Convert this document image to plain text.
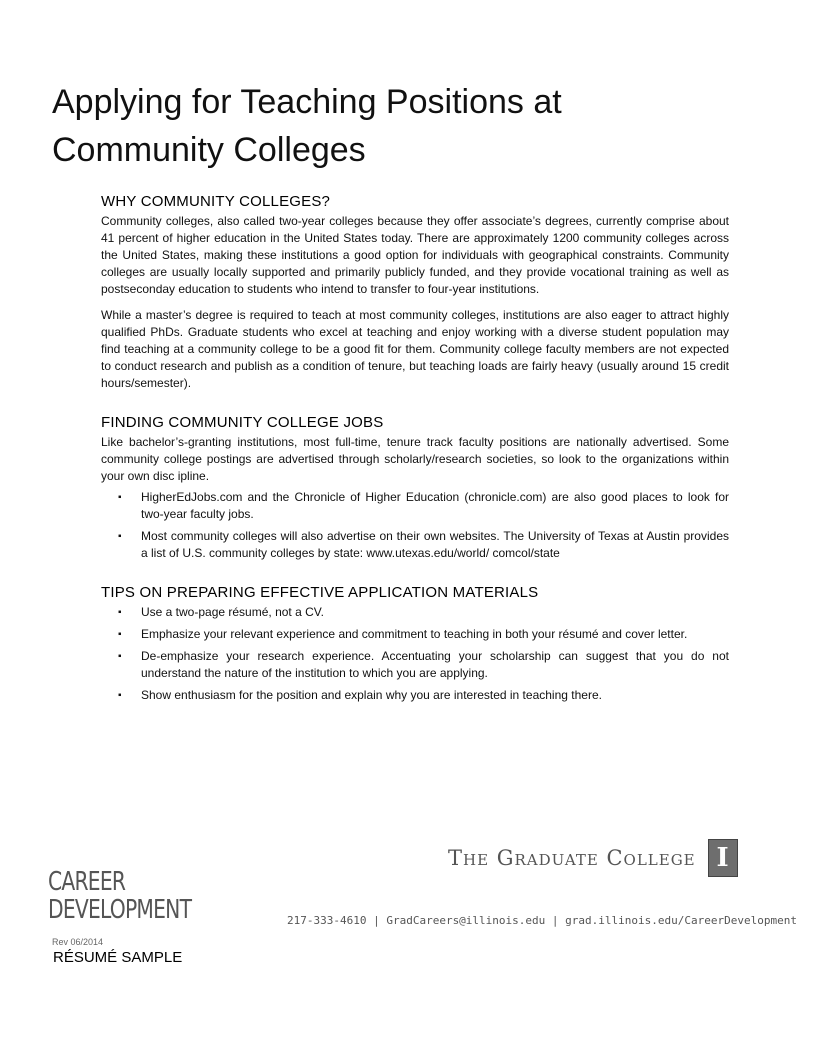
Applying for Teaching Positions at
Community Colleges
WHY COMMUNITY COLLEGES?

Community colleges, also called two-year colleges because they offer associate’s degrees, currently comprise about 41 percent of higher education in the United States today. There are approximately 1200 community colleges across the United States, making these institutions a good option for individuals with geographical constraints. Community colleges are usually locally supported and primarily publicly funded, and they provide vocational training as well as postseconday education to students who intend to transfer to four-year institutions.

While a master’s degree is required to teach at most community colleges, institutions are also eager to attract highly qualified PhDs. Graduate students who excel at teaching and enjoy working with a diverse student population may find teaching at a community college to be a good fit for them. Community college faculty members are not expected to conduct research and publish as a condition of tenure, but teaching loads are fairly heavy (usually around 15 credit hours/semester).

FINDING COMMUNITY COLLEGE JOBS

Like bachelor’s-granting institutions, most full-time, tenure track faculty positions are nationally advertised. Some community college postings are advertised through scholarly/research societies, so look to the organizations within your own disc ipline.

▪ HigherEdJobs.com and the Chronicle of Higher Education (chronicle.com) are also good places to look for two-year faculty jobs.
▪ Most community colleges will also advertise on their own websites. The University of Texas at Austin provides a list of U.S. community colleges by state: www.utexas.edu/world/ comcol/state
TIPS ON PREPARING EFFECTIVE APPLICATION MATERIALS
▪ Use a two-page résumé, not a CV.
▪ Emphasize your relevant experience and commitment to teaching in both your résumé and cover letter.
▪ De-emphasize your research experience. Accentuating your scholarship can suggest that you do not understand the nature of the institution to which you are applying.
▪ Show enthusiasm for the position and explain why you are interested in teaching there.
The Graduate College I
CAREER
DEVELOPMENT	217-333-4610 | GradCareers@illinois.edu | grad.illinois.edu/CareerDevelopment
Rev 06/2014
RÉSUMÉ SAMPLE
